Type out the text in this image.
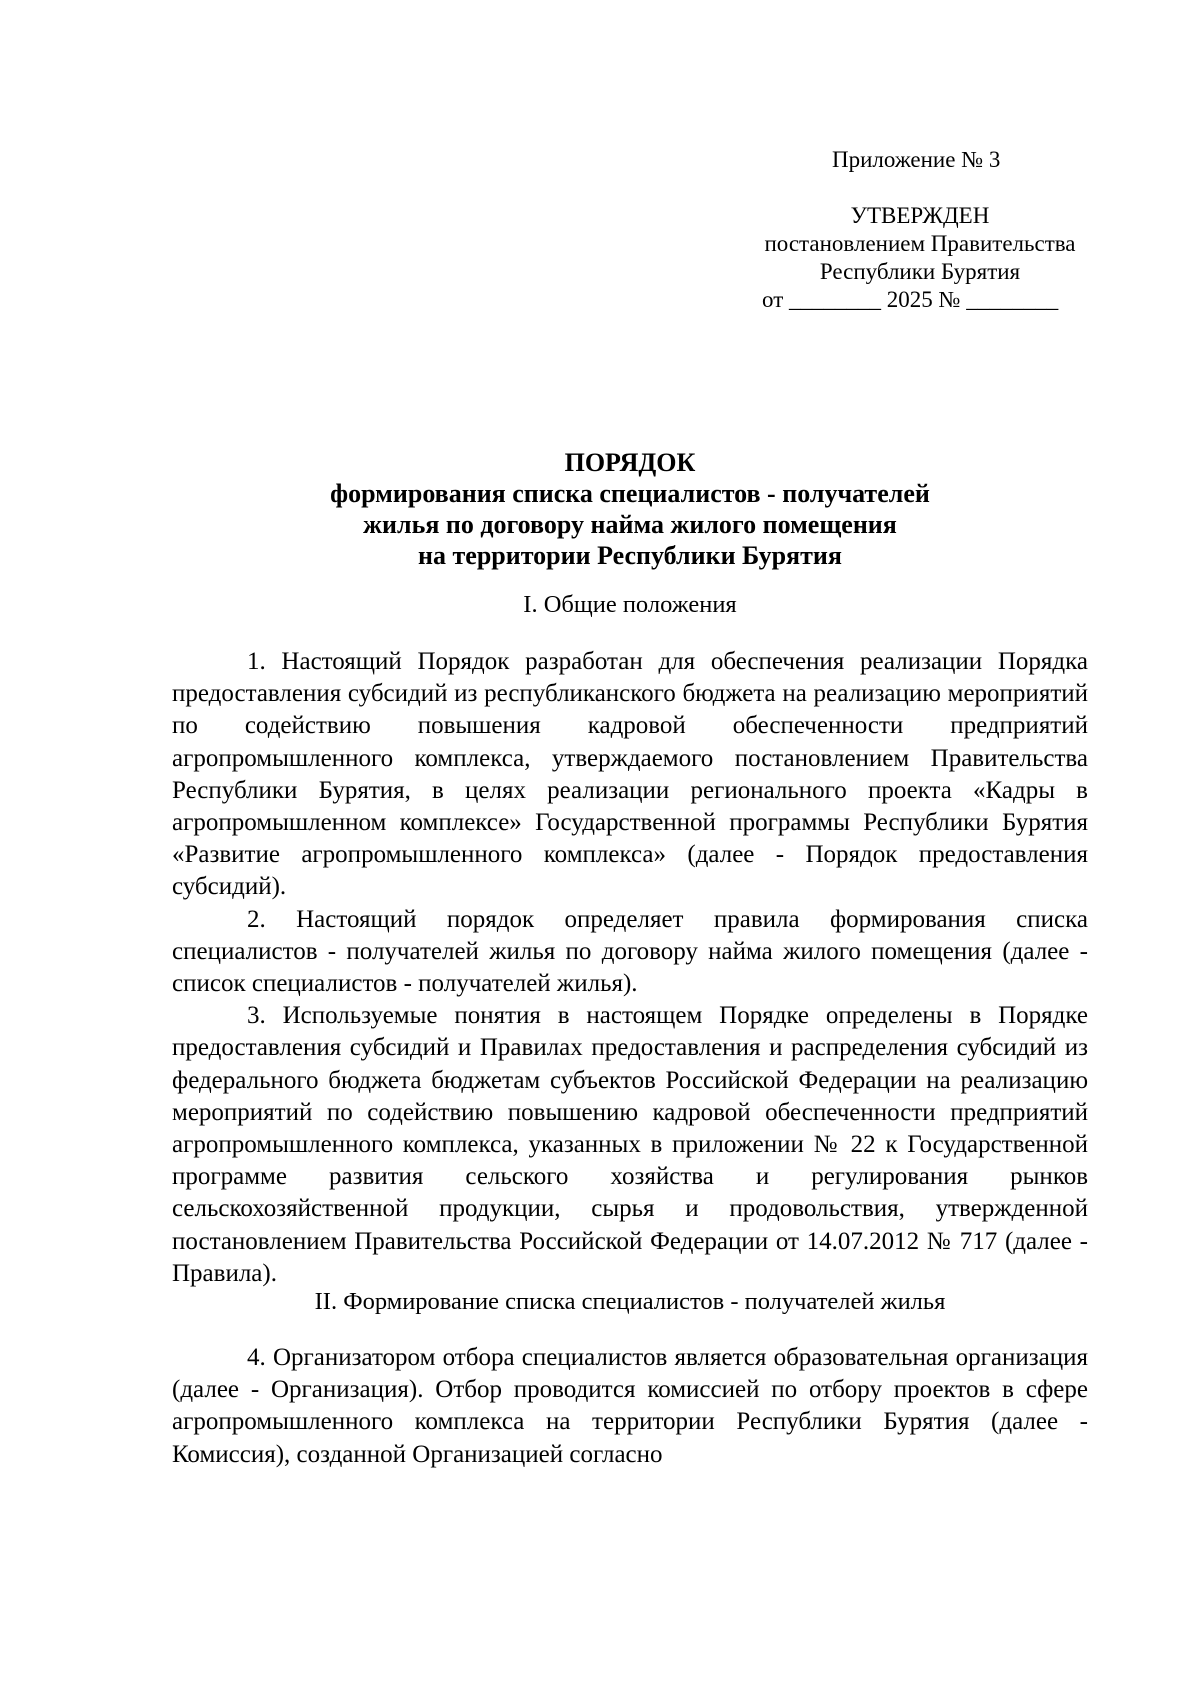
Приложение № 3
УТВЕРЖДЕН
постановлением Правительства
Республики Бурятия
от ________ 2025 № ________
ПОРЯДОК
формирования списка специалистов - получателей
жилья по договору найма жилого помещения
на территории Республики Бурятия
I. Общие положения

1. Настоящий Порядок разработан для обеспечения реализации Порядка предоставления субсидий из республиканского бюджета на реализацию мероприятий по содействию повышения кадровой обеспеченности предприятий агропромышленного комплекса, утверждаемого постановлением Правительства Республики Бурятия, в целях реализации регионального проекта «Кадры в агропромышленном комплексе» Государственной программы Республики Бурятия «Развитие агропромышленного комплекса» (далее - Порядок предоставления субсидий).

2. Настоящий порядок определяет правила формирования списка специалистов - получателей жилья по договору найма жилого помещения (далее - список специалистов - получателей жилья).

3. Используемые понятия в настоящем Порядке определены в Порядке предоставления субсидий и Правилах предоставления и распределения субсидий из федерального бюджета бюджетам субъектов Российской Федерации на реализацию мероприятий по содействию повышению кадровой обеспеченности предприятий агропромышленного комплекса, указанных в приложении № 22 к Государственной программе развития сельского хозяйства и регулирования рынков сельскохозяйственной продукции, сырья и продовольствия, утвержденной постановлением Правительства Российской Федерации от 14.07.2012 № 717 (далее - Правила).

II. Формирование списка специалистов - получателей жилья

4. Организатором отбора специалистов является образовательная организация (далее - Организация). Отбор проводится комиссией по отбору проектов в сфере агропромышленного комплекса на территории Республики Бурятия (далее - Комиссия), созданной Организацией согласно
